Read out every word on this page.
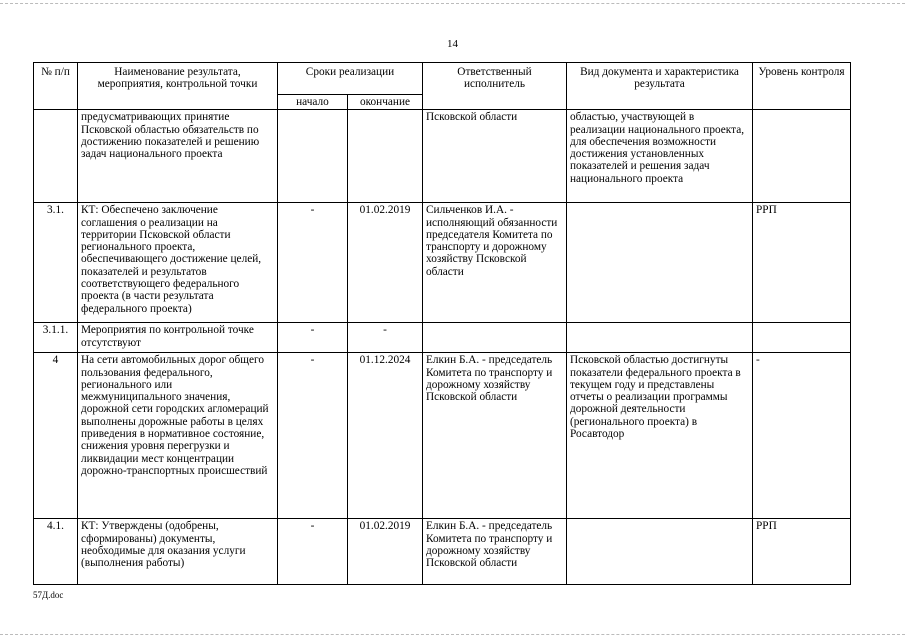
14
№ п/п	Наименование результата, мероприятия, контрольной точки	Сроки реализации		Ответственный исполнитель	Вид документа и характеристика результата	Уровень контроля
		начало	окончание			
	предусматривающих принятие Псковской областью обязательств по достижению показателей и решению задач национального проекта			Псковской области	областью, участвующей в реализации национального проекта, для обеспечения возможности достижения установленных показателей и решения задач национального проекта	
3.1.	КТ: Обеспечено заключение соглашения о реализации на территории Псковской области регионального проекта, обеспечивающего достижение целей, показателей и результатов соответствующего федерального проекта (в части результата федерального проекта)	-	01.02.2019	Сильченков И.А. - исполняющий обязанности председателя Комитета по транспорту и дорожному хозяйству Псковской области		РРП
3.1.1.	Мероприятия по контрольной точке отсутствуют	-	-			
4	На сети автомобильных дорог общего пользования федерального, регионального или межмуниципального значения, дорожной сети городских агломераций выполнены дорожные работы в целях приведения в нормативное состояние, снижения уровня перегрузки и ликвидации мест концентрации дорожно-транспортных происшествий	-	01.12.2024	Елкин Б.А. - председатель Комитета по транспорту и дорожному хозяйству Псковской области	Псковской областью достигнуты показатели федерального проекта в текущем году и представлены отчеты о реализации программы дорожной деятельности (регионального проекта) в Росавтодор	-
4.1.	КТ: Утверждены (одобрены, сформированы) документы, необходимые для оказания услуги (выполнения работы)	-	01.02.2019	Елкин Б.А. - председатель Комитета по транспорту и дорожному хозяйству Псковской области		РРП
57Д.doc
